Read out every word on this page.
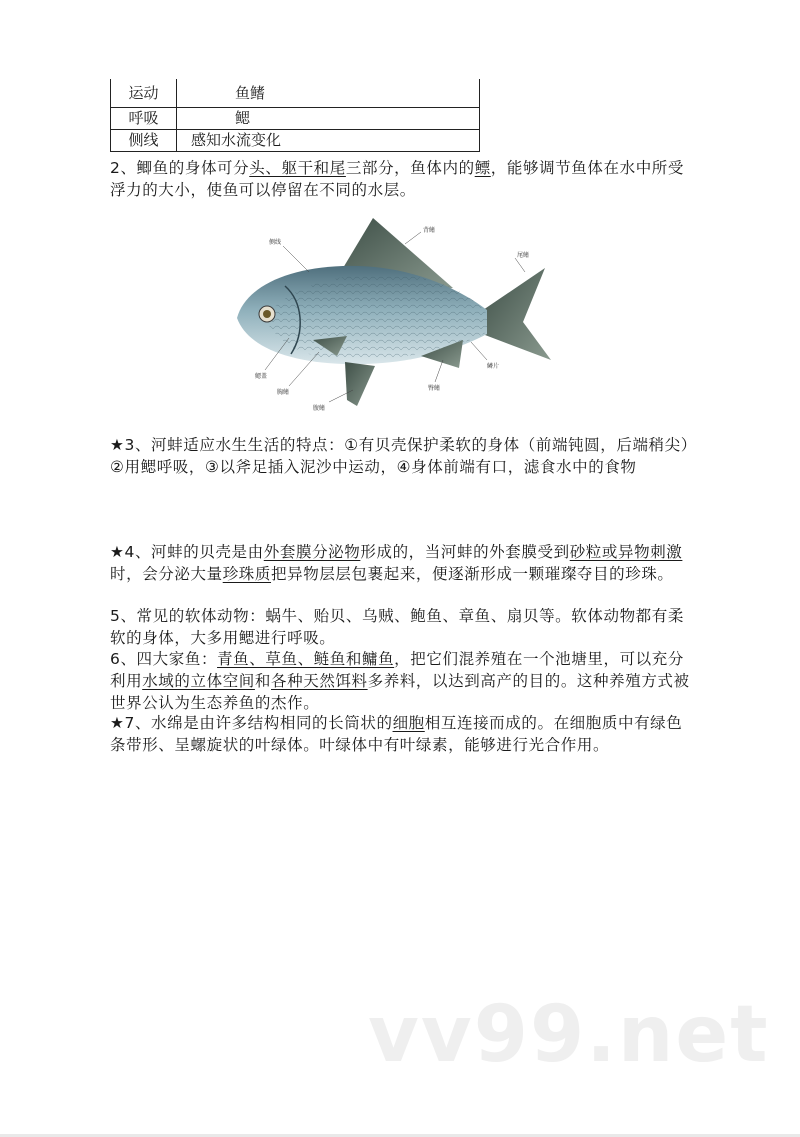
运动	鱼鳍
呼吸	鳃
侧线	感知水流变化

2、鲫鱼的身体可分头、躯干和尾三部分，鱼体内的鳔，能够调节鱼体在水中所受浮力的大小，使鱼可以停留在不同的水层。

侧线
背鳍
尾鳍
鳃盖
胸鳍
腹鳍
臀鳍
鳞片

★3、河蚌适应水生生活的特点：①有贝壳保护柔软的身体（前端钝圆，后端稍尖）②用鳃呼吸，③以斧足插入泥沙中运动，④身体前端有口，滤食水中的食物

★4、河蚌的贝壳是由外套膜分泌物形成的，当河蚌的外套膜受到砂粒或异物刺激时，会分泌大量珍珠质把异物层层包裹起来，便逐渐形成一颗璀璨夺目的珍珠。

5、常见的软体动物：蜗牛、贻贝、乌贼、鲍鱼、章鱼、扇贝等。软体动物都有柔软的身体，大多用鳃进行呼吸。

6、四大家鱼：青鱼、草鱼、鲢鱼和鳙鱼，把它们混养殖在一个池塘里，可以充分利用水域的立体空间和各种天然饵料多养料，以达到高产的目的。这种养殖方式被世界公认为生态养鱼的杰作。

★7、水绵是由许多结构相同的长筒状的细胞相互连接而成的。在细胞质中有绿色条带形、呈螺旋状的叶绿体。叶绿体中有叶绿素，能够进行光合作用。

vv99.net
